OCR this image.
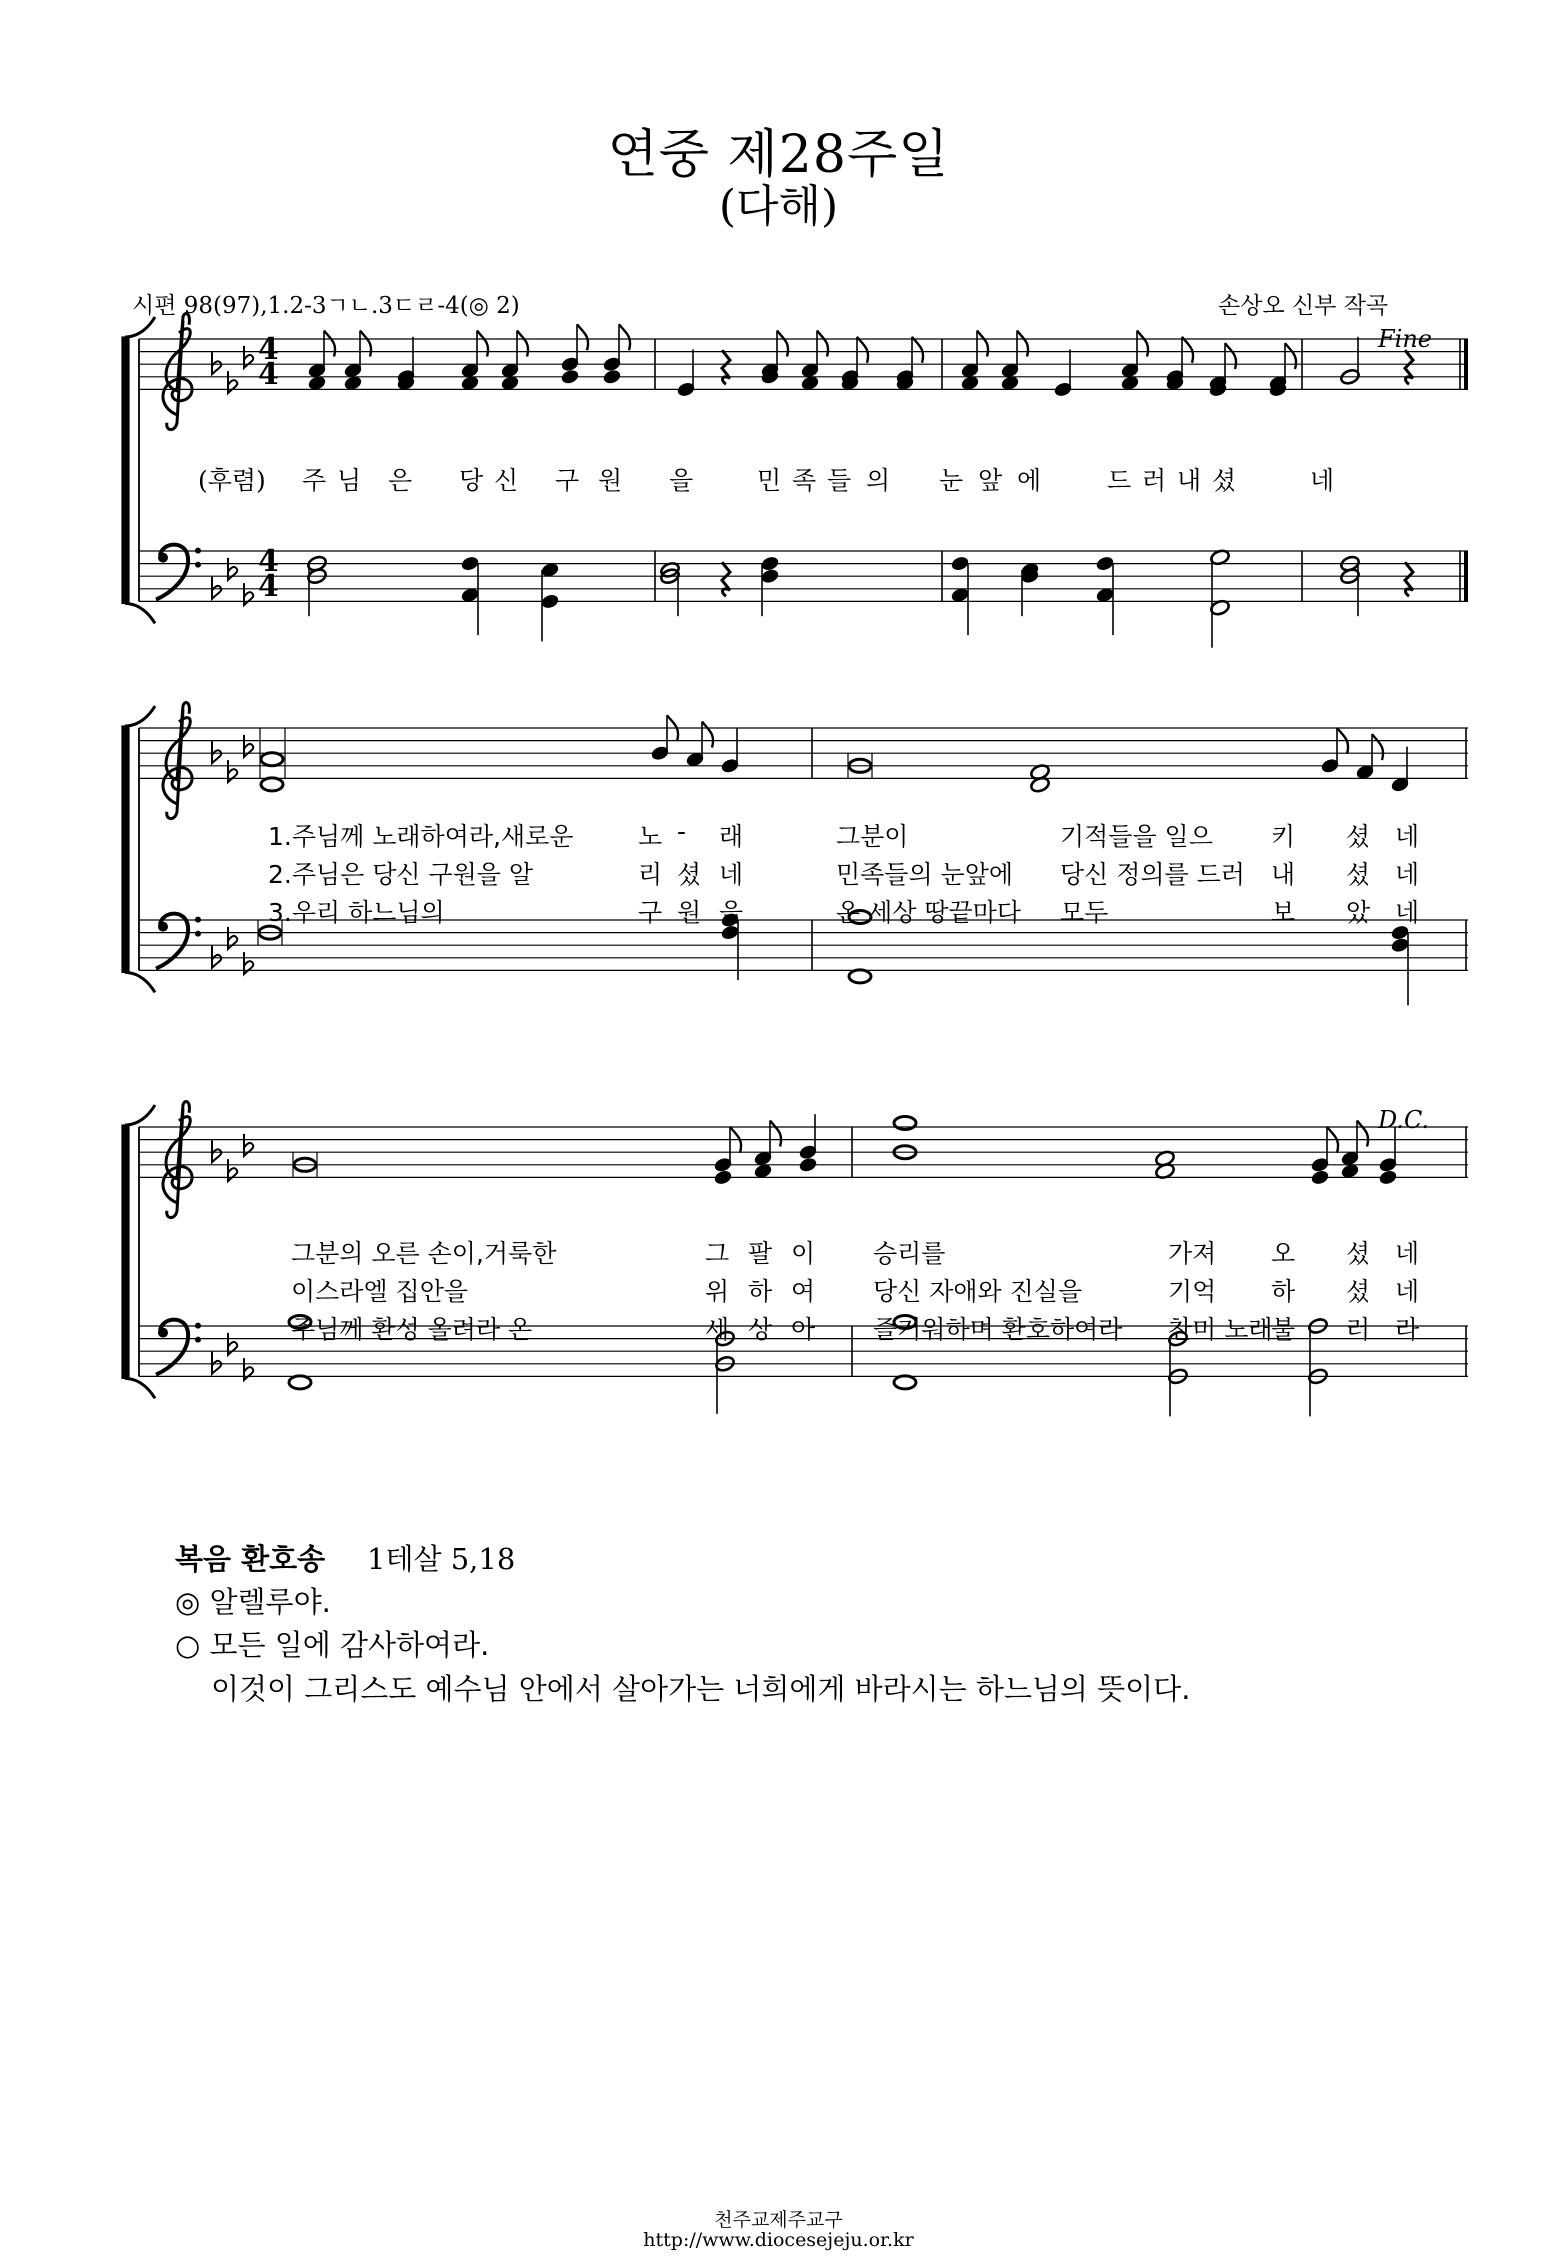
연중 제28주일
(다해)
시편 98(97),1.2-3ㄱㄴ.3ㄷㄹ-4(◎ 2)	손상오 신부 작곡
4
4
4
4
Fine
(후렴) 주 님 은 당 신 구 원 을	민 족 들 의 눈 앞 에	드 러 내 셨	네
1.주님께 노래하여라,새로운	노 - 래	그분이	기적들을 일으 키 셨 네
2.주님은 당신 구원을 알	리 셨 네	민족들의 눈앞에 당신 정의를 드러 내 셨 네
3.우리 하느님의	구 원 을	온 세상 땅끝마다 모두	보 았 네
D.C.
그분의 오른 손이,거룩한	그 팔 이 승리를	가져 오 셨 네
이스라엘 집안을	위 하 여 당신 자애와 진실을	기억 하 셨 네
주님께 환성 올려라 온	세 상 아 즐거워하며 환호하여라 찬미 노래
불 러 라
복음 환호송 1테살 5,18
◎ 알렐루야.
○ 모든 일에 감사하여라.
이것이 그리스도 예수님 안에서 살아가는 너희에게 바라시는 하느님의 뜻이다.
천주교제주교구
http://www.diocesejeju.or.kr
